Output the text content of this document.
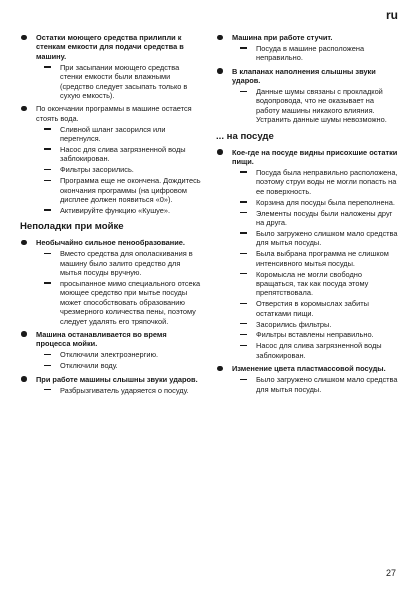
ru
Остатки моющего средства прилипли к стенкам емкости для подачи средства в машину.
При засыпании моющего средства стенки емкости были влажными (средство следует засыпать только в сухую емкость).
По окончании программы в машине остается стоять вода.
Сливной шланг засорился или перегнулся.
Насос для слива загрязненной воды заблокирован.
Фильтры засорились.
Программа еще не окончена. Дождитесь окончания программы (на цифровом дисплее должен появиться «0»).
Активируйте функцию «Кушуе».
Неполадки при мойке
Необычайно сильное пенообразование.
Вместо средства для ополаскивания в машину было залито средство для мытья посуды вручную.
просыпанное мимо специального отсека моющее средство при мытье посуды может способствовать образованию чрезмерного количества пены, поэтому следует удалять его тряпочкой.
Машина останавливается во время процесса мойки.
Отключили электроэнергию.
Отключили воду.
При работе машины слышны звуки ударов.
Разбрызгиватель ударяется о посуду.
Машина при работе стучит.
Посуда в машине расположена неправильно.
В клапанах наполнения слышны звуки ударов.
Данные шумы связаны с прокладкой водопровода, что не оказывает на работу машины никакого влияния. Устранить данные шумы невозможно.
... на посуде
Кое-где на посуде видны присохшие остатки пищи.
Посуда была неправильно расположена, поэтому струи воды не могли попасть на ее поверхность.
Корзина для посуды была переполнена.
Элементы посуды были наложены друг на друга.
Было загружено слишком мало средства для мытья посуды.
Была выбрана программа не слишком интенсивного мытья посуды.
Коромысла не могли свободно вращаться, так как посуда этому препятствовала.
Отверстия в коромыслах забиты остатками пищи.
Засорились фильтры.
Фильтры вставлены неправильно.
Насос для слива загрязненной воды заблокирован.
Изменение цвета пластмассовой посуды.
Было загружено слишком мало средства для мытья посуды.
27
